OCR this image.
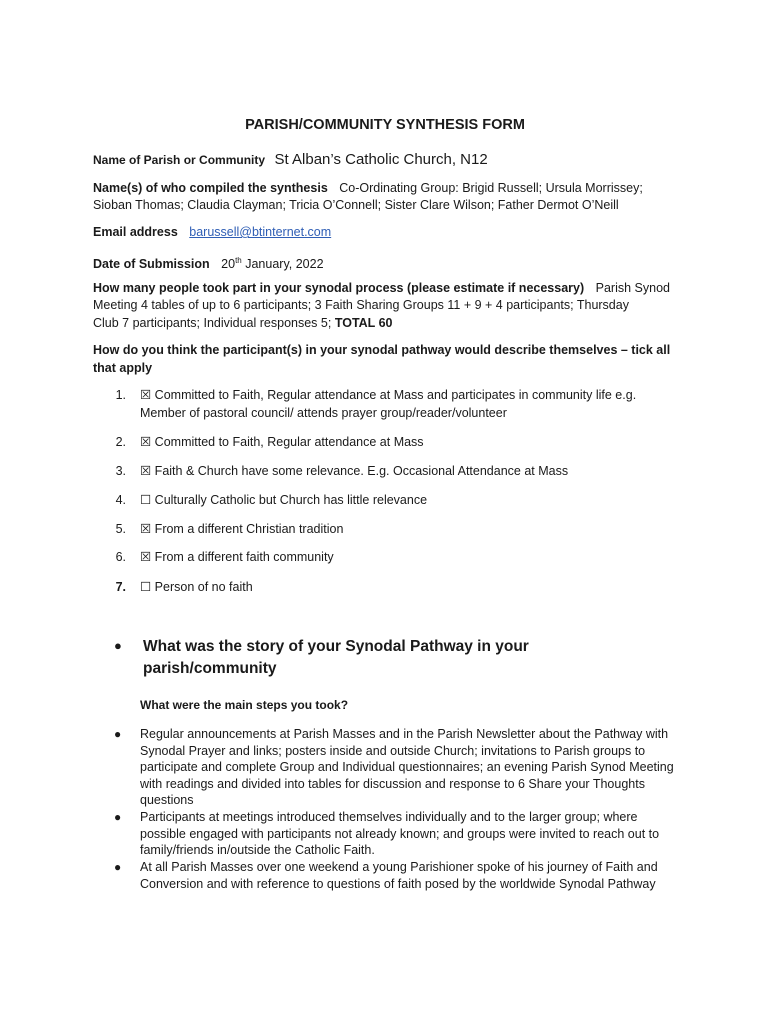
PARISH/COMMUNITY SYNTHESIS FORM
Name of Parish or Community St Alban’s Catholic Church, N12
Name(s) of who compiled the synthesis Co-Ordinating Group: Brigid Russell; Ursula Morrissey;
Sioban Thomas; Claudia Clayman; Tricia O’Connell; Sister Clare Wilson; Father Dermot O’Neill
Email address barussell@btinternet.com
Date of Submission 20th January, 2022
How many people took part in your synodal process (please estimate if necessary) Parish Synod
Meeting 4 tables of up to 6 participants; 3 Faith Sharing Groups 11 + 9 + 4 participants; Thursday
Club 7 participants; Individual responses 5; TOTAL 60
How do you think the participant(s) in your synodal pathway would describe themselves – tick all
that apply
1. ☒ Committed to Faith, Regular attendance at Mass and participates in community life e.g.
Member of pastoral council/ attends prayer group/reader/volunteer
2. ☒ Committed to Faith, Regular attendance at Mass
3. ☒ Faith & Church have some relevance. E.g. Occasional Attendance at Mass
4. ☐ Culturally Catholic but Church has little relevance
5. ☒ From a different Christian tradition
6. ☒ From a different faith community
7. ☐ Person of no faith
● What was the story of your Synodal Pathway in your
parish/community
What were the main steps you took?
● Regular announcements at Parish Masses and in the Parish Newsletter about the Pathway with Synodal Prayer and links; posters inside and outside Church; invitations to Parish groups to participate and complete Group and Individual questionnaires; an evening Parish Synod Meeting with readings and divided into tables for discussion and response to 6 Share your Thoughts questions
● Participants at meetings introduced themselves individually and to the larger group; where possible engaged with participants not already known; and groups were invited to reach out to family/friends in/outside the Catholic Faith.
● At all Parish Masses over one weekend a young Parishioner spoke of his journey of Faith and Conversion and with reference to questions of faith posed by the worldwide Synodal Pathway
